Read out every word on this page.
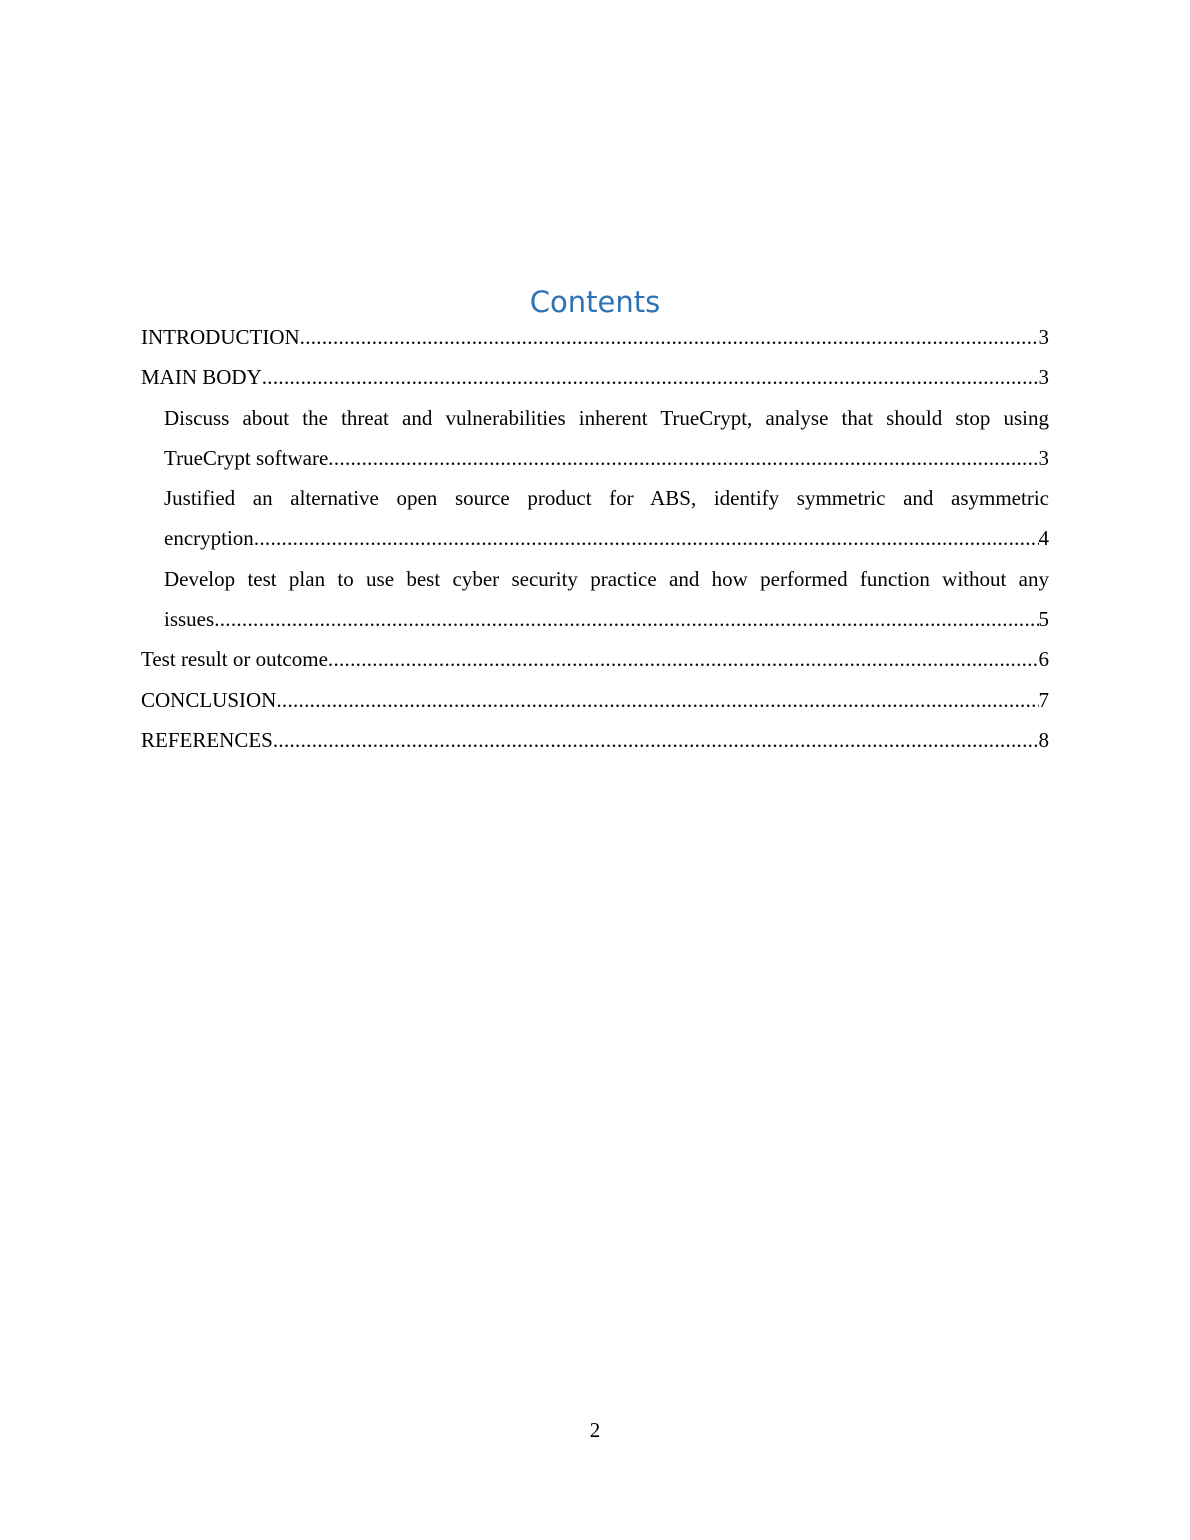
Contents
INTRODUCTION .....	3
MAIN BODY .....	3
Discuss about the threat and vulnerabilities inherent TrueCrypt, analyse that should stop using
TrueCrypt software .....	3
Justified an alternative open source product for ABS, identify symmetric and asymmetric
encryption .....	4
Develop test plan to use best cyber security practice and how performed function without any
issues .....	5
Test result or outcome .....	6
CONCLUSION .....	7
REFERENCES .....	8
2
